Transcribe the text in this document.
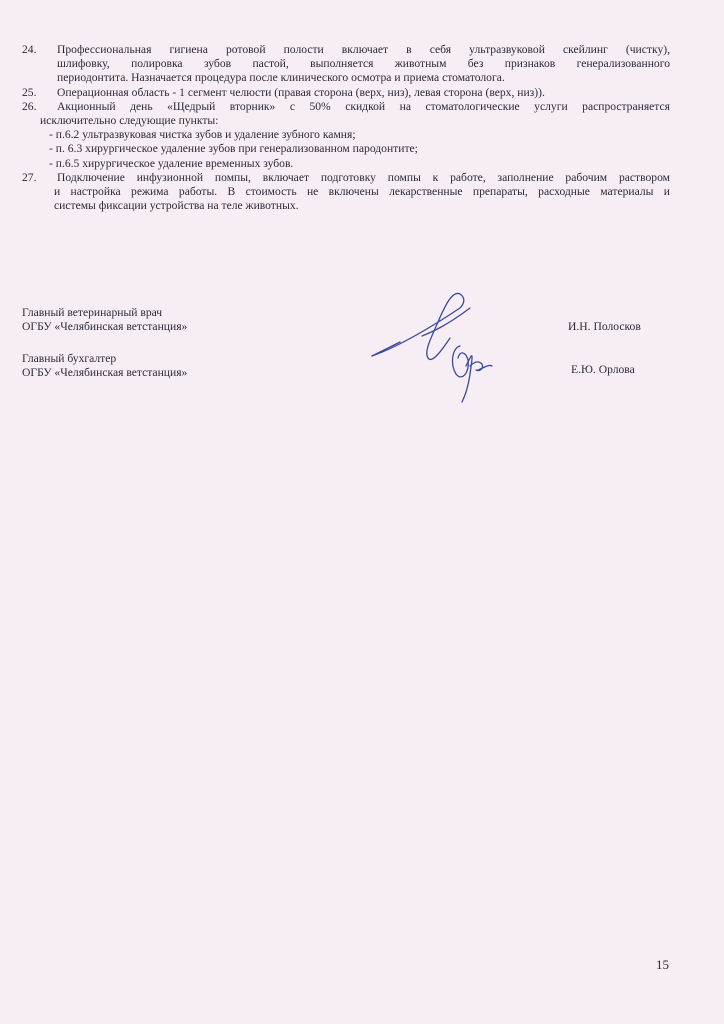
24.	Профессиональная гигиена ротовой полости включает в себя ультразвуковой скейлинг (чистку),
шлифовку, полировка зубов пастой, выполняется животным без признаков генерализованного
периодонтита. Назначается процедура после клинического осмотра и приема стоматолога.
25.	Операционная область - 1 сегмент челюсти (правая сторона (верх, низ), левая сторона (верх, низ)).
26.	Акционный день «Щедрый вторник» с 50% скидкой на стоматологические услуги распространяется
исключительно следующие пункты:
- п.6.2 ультразвуковая чистка зубов и удаление зубного камня;
- п. 6.3 хирургическое удаление зубов при генерализованном пародонтите;
- п.6.5 хирургическое удаление временных зубов.
27.	Подключение инфузионной помпы, включает подготовку помпы к работе, заполнение рабочим раствором
и настройка режима работы. В стоимость не включены лекарственные препараты, расходные материалы и
системы фиксации устройства на теле животных.
Главный ветеринарный врач
ОГБУ «Челябинская ветстанция»	И.Н. Полосков
Главный бухгалтер
ОГБУ «Челябинская ветстанция»	Е.Ю. Орлова
15
